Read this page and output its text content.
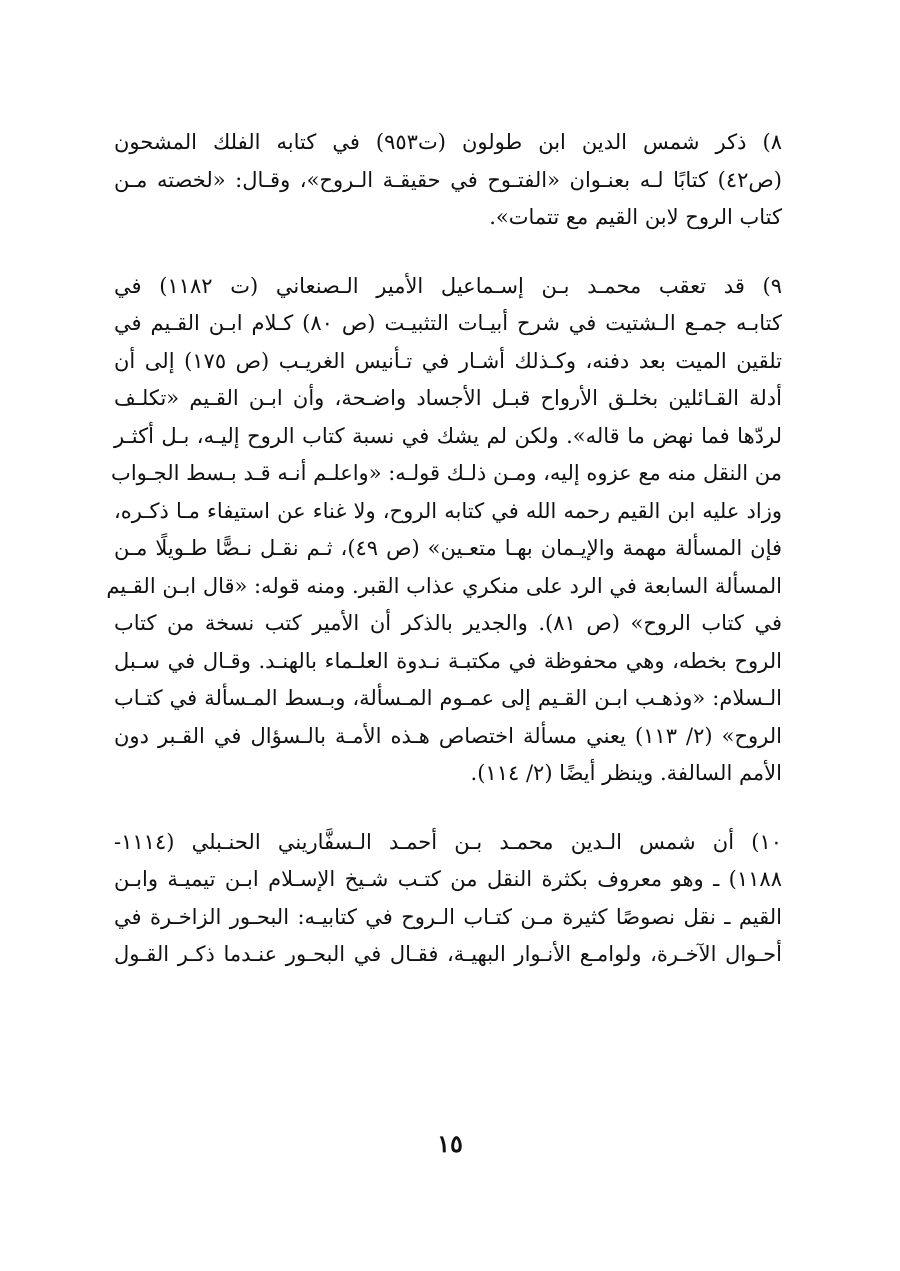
٨) ذكر شمس الدين ابن طولون (ت٩٥٣) في كتابه الفلك المشحون
(ص٤٢) كتابًا لـه بعنـوان «الفتـوح في حقيقـة الـروح»، وقـال: «لخصته مـن
كتاب الروح لابن القيم مع تتمات».
٩) قد تعقب محمـد بـن إسـماعيل الأمير الـصنعاني (ت ١١٨٢) في
كتابـه جمـع الـشتيت في شرح أبيـات التثبيـت (ص ٨٠) كـلام ابـن القـيم في
تلقين الميت بعد دفنه، وكـذلك أشـار في تـأنيس الغريـب (ص ١٧٥) إلى أن
أدلة القـائلين بخلـق الأرواح قبـل الأجساد واضـحة، وأن ابـن القـيم «تكلـف
لردّها فما نهض ما قاله». ولكن لم يشك في نسبة كتاب الروح إليـه، بـل أكثـر
من النقل منه مع عزوه إليه، ومـن ذلـك قولـه: «واعلـم أنـه قـد بـسط الجـواب
وزاد عليه ابن القيم رحمه الله في كتابه الروح، ولا غناء عن استيفاء مـا ذكـره،
فإن المسألة مهمة والإيـمان بهـا متعـين» (ص ٤٩)، ثـم نقـل نـصًّا طـويلًا مـن
المسألة السابعة في الرد على منكري عذاب القبر. ومنه قوله: «قال ابـن القـيم
في كتاب الروح» (ص ٨١). والجدير بالذكر أن الأمير كتب نسخة من كتاب
الروح بخطه، وهي محفوظة في مكتبـة نـدوة العلـماء بالهنـد. وقـال في سـبل
الـسلام: «وذهـب ابـن القـيم إلى عمـوم المـسألة، وبـسط المـسألة في كتـاب
الروح» (٢/ ١١٣) يعني مسألة اختصاص هـذه الأمـة بالـسؤال في القـبر دون
الأمم السالفة. وينظر أيضًا (٢/ ١١٤).
١٠) أن شمس الـدين محمـد بـن أحمـد الـسفَّاريني الحنـبلي (١١١٤-
١١٨٨) ـ وهو معروف بكثرة النقل من كتـب شـيخ الإسـلام ابـن تيميـة وابـن
القيم ـ نقل نصوصًا كثيرة مـن كتـاب الـروح في كتابيـه: البحـور الزاخـرة في
أحـوال الآخـرة، ولوامـع الأنـوار البهيـة، فقـال في البحـور عنـدما ذكـر القـول
١٥
